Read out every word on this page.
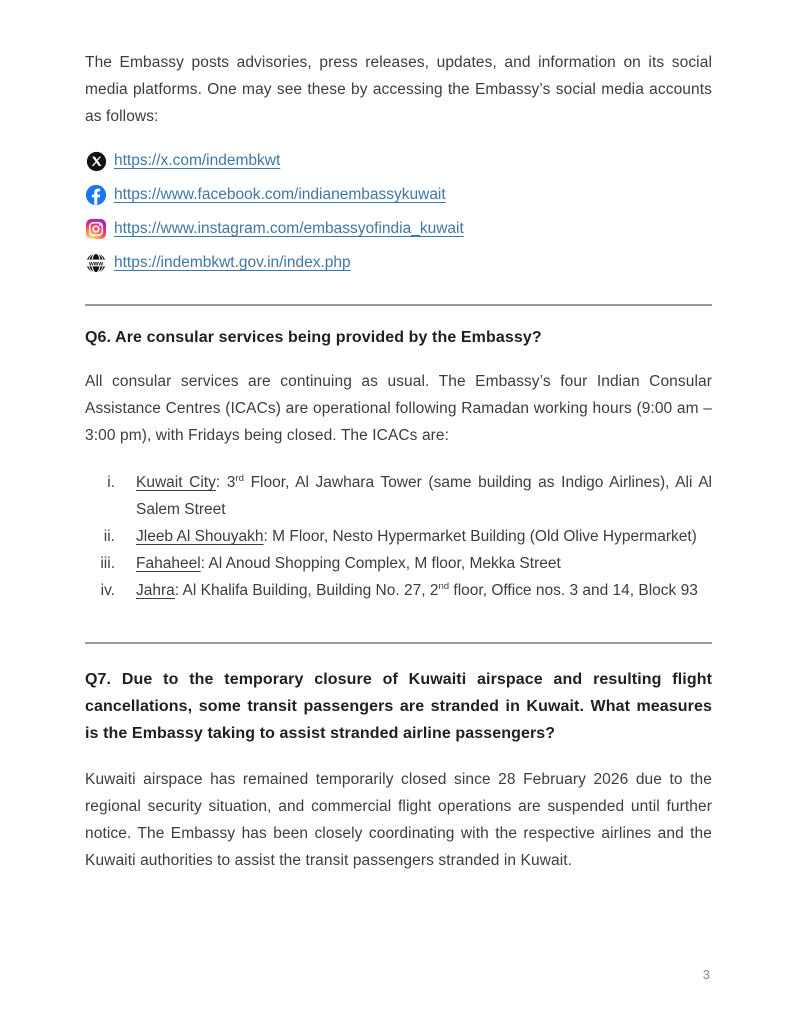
The Embassy posts advisories, press releases, updates, and information on its social media platforms. One may see these by accessing the Embassy’s social media accounts as follows:

https://x.com/indembkwt
https://www.facebook.com/indianembassykuwait
https://www.instagram.com/embassyofindia_kuwait
www https://indembkwt.gov.in/index.php
Q6. Are consular services being provided by the Embassy?

All consular services are continuing as usual. The Embassy’s four Indian Consular Assistance Centres (ICACs) are operational following Ramadan working hours (9:00 am – 3:00 pm), with Fridays being closed. The ICACs are:

i. Kuwait City: 3rd Floor, Al Jawhara Tower (same building as Indigo Airlines), Ali Al Salem Street
ii. Jleeb Al Shouyakh: M Floor, Nesto Hypermarket Building (Old Olive Hypermarket)
iii. Fahaheel: Al Anoud Shopping Complex, M floor, Mekka Street
iv. Jahra: Al Khalifa Building, Building No. 27, 2nd floor, Office nos. 3 and 14, Block 93
Q7. Due to the temporary closure of Kuwaiti airspace and resulting flight cancellations, some transit passengers are stranded in Kuwait. What measures is the Embassy taking to assist stranded airline passengers?

Kuwaiti airspace has remained temporarily closed since 28 February 2026 due to the regional security situation, and commercial flight operations are suspended until further notice. The Embassy has been closely coordinating with the respective airlines and the Kuwaiti authorities to assist the transit passengers stranded in Kuwait.

3
